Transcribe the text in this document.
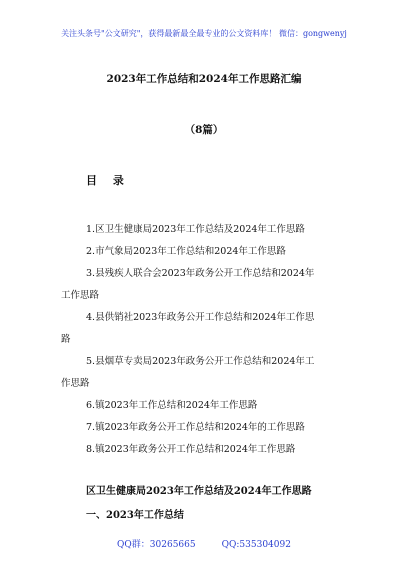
关注头条号"公文研究"，获得最新最全最专业的公文资料库！ 微信：gongwenyj
2023年工作总结和2024年工作思路汇编
（8篇）
目 录
1.区卫生健康局2023年工作总结及2024年工作思路
2.市气象局2023年工作总结和2024年工作思路
3.县残疾人联合会2023年政务公开工作总结和2024年
工作思路
4.县供销社2023年政务公开工作总结和2024年工作思
路
5.县烟草专卖局2023年政务公开工作总结和2024年工
作思路
6.镇2023年工作总结和2024年工作思路
7.镇2023年政务公开工作总结和2024年的工作思路
8.镇2023年政务公开工作总结和2024年工作思路
区卫生健康局2023年工作总结及2024年工作思路
一、2023年工作总结
QQ群：30265665	QQ:535304092
